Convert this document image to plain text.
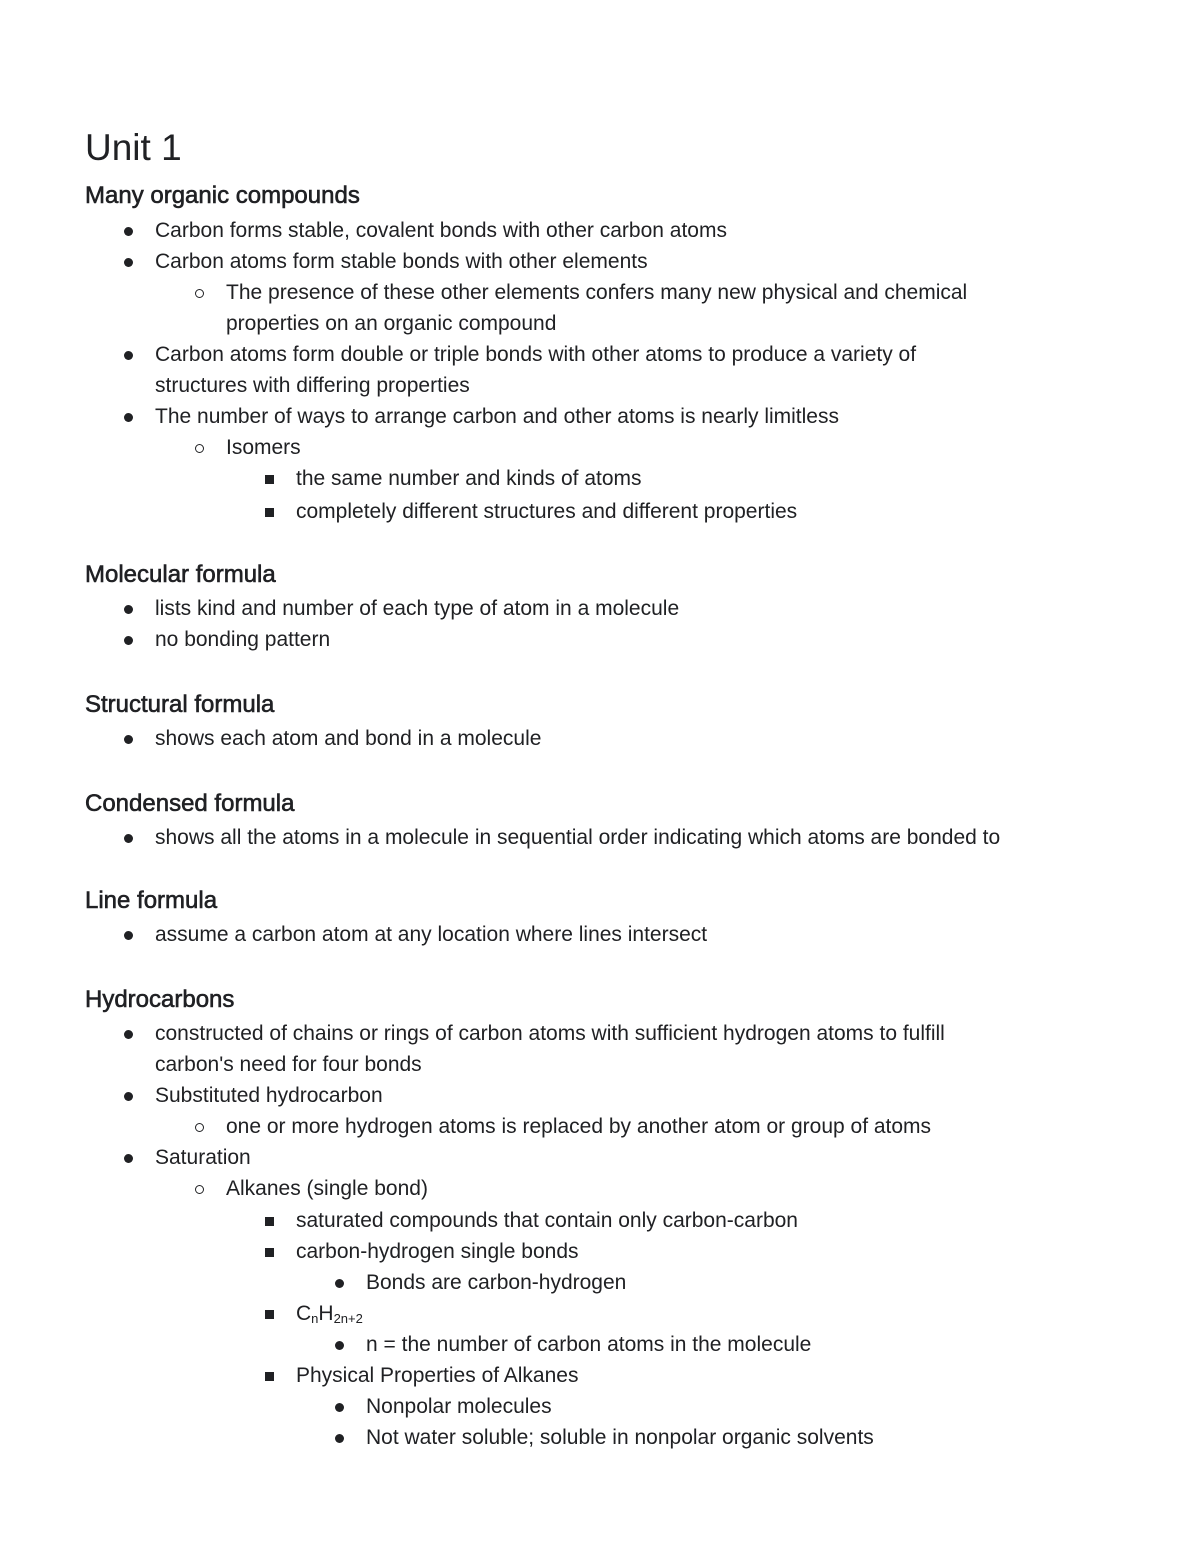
Unit 1
Many organic compounds
Carbon forms stable, covalent bonds with other carbon atoms
Carbon atoms form stable bonds with other elements
The presence of these other elements confers many new physical and chemical
properties on an organic compound
Carbon atoms form double or triple bonds with other atoms to produce a variety of
structures with differing properties
The number of ways to arrange carbon and other atoms is nearly limitless
Isomers
the same number and kinds of atoms
completely different structures and different properties
Molecular formula
lists kind and number of each type of atom in a molecule
no bonding pattern
Structural formula
shows each atom and bond in a molecule
Condensed formula
shows all the atoms in a molecule in sequential order indicating which atoms are bonded to
Line formula
assume a carbon atom at any location where lines intersect
Hydrocarbons
constructed of chains or rings of carbon atoms with sufficient hydrogen atoms to fulfill
carbon's need for four bonds
Substituted hydrocarbon
one or more hydrogen atoms is replaced by another atom or group of atoms
Saturation
Alkanes (single bond)
saturated compounds that contain only carbon-carbon
carbon-hydrogen single bonds
Bonds are carbon-hydrogen
$C_nH_{2n+2}$
n = the number of carbon atoms in the molecule
Physical Properties of Alkanes
Nonpolar molecules
Not water soluble; soluble in nonpolar organic solvents
